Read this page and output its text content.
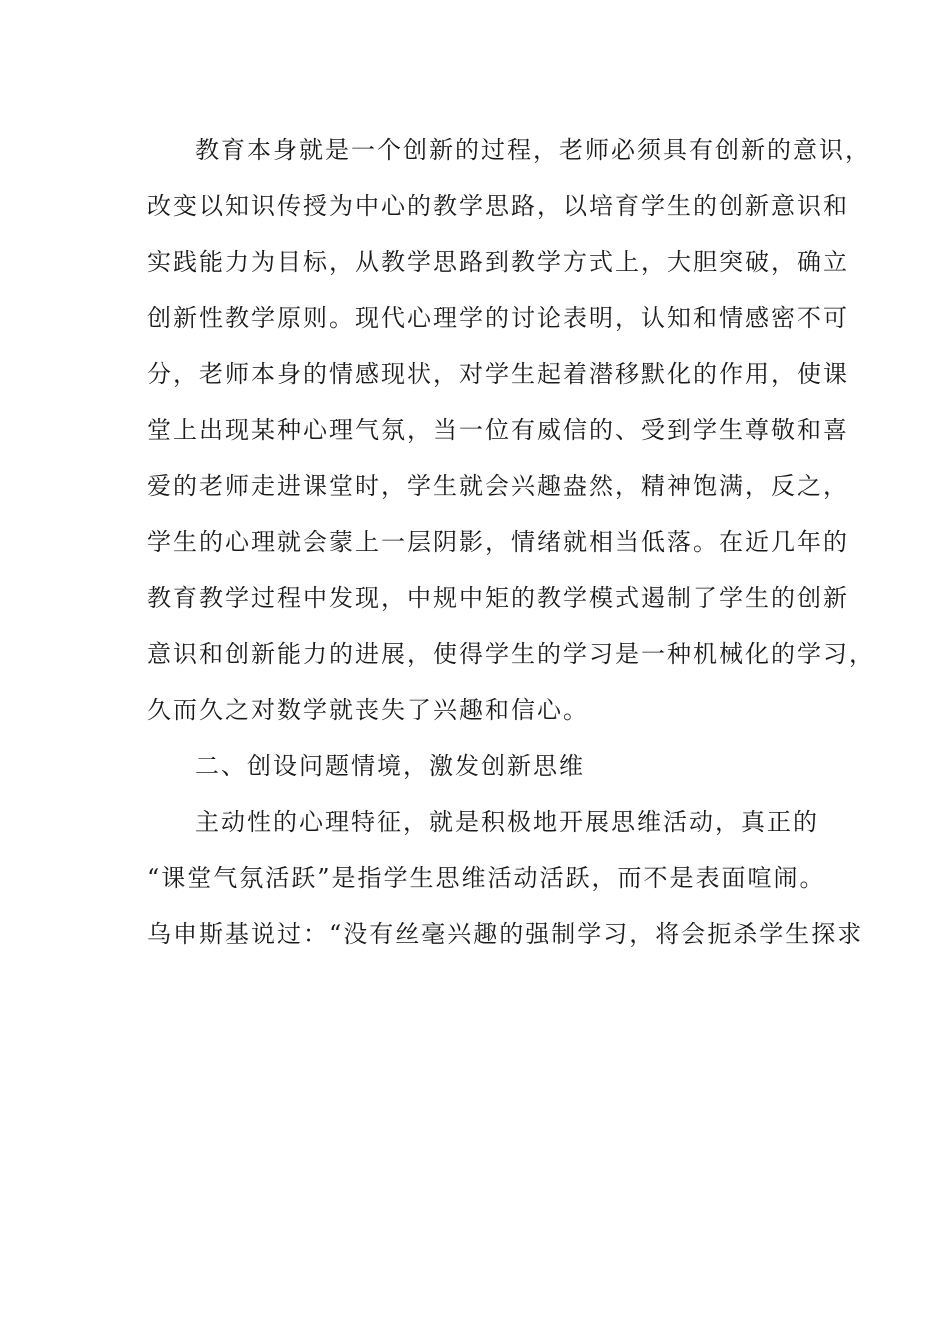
教育本身就是一个创新的过程，老师必须具有创新的意识，
改变以知识传授为中心的教学思路，以培育学生的创新意识和
实践能力为目标，从教学思路到教学方式上，大胆突破，确立
创新性教学原则。现代心理学的讨论表明，认知和情感密不可
分，老师本身的情感现状，对学生起着潜移默化的作用，使课
堂上出现某种心理气氛，当一位有威信的、受到学生尊敬和喜
爱的老师走进课堂时，学生就会兴趣盎然，精神饱满，反之，
学生的心理就会蒙上一层阴影，情绪就相当低落。在近几年的
教育教学过程中发现，中规中矩的教学模式遏制了学生的创新
意识和创新能力的进展，使得学生的学习是一种机械化的学习，
久而久之对数学就丧失了兴趣和信心。
二、创设问题情境，激发创新思维
主动性的心理特征，就是积极地开展思维活动，真正的
“课堂气氛活跃”是指学生思维活动活跃，而不是表面喧闹。
乌申斯基说过：“没有丝毫兴趣的强制学习，将会扼杀学生探求
